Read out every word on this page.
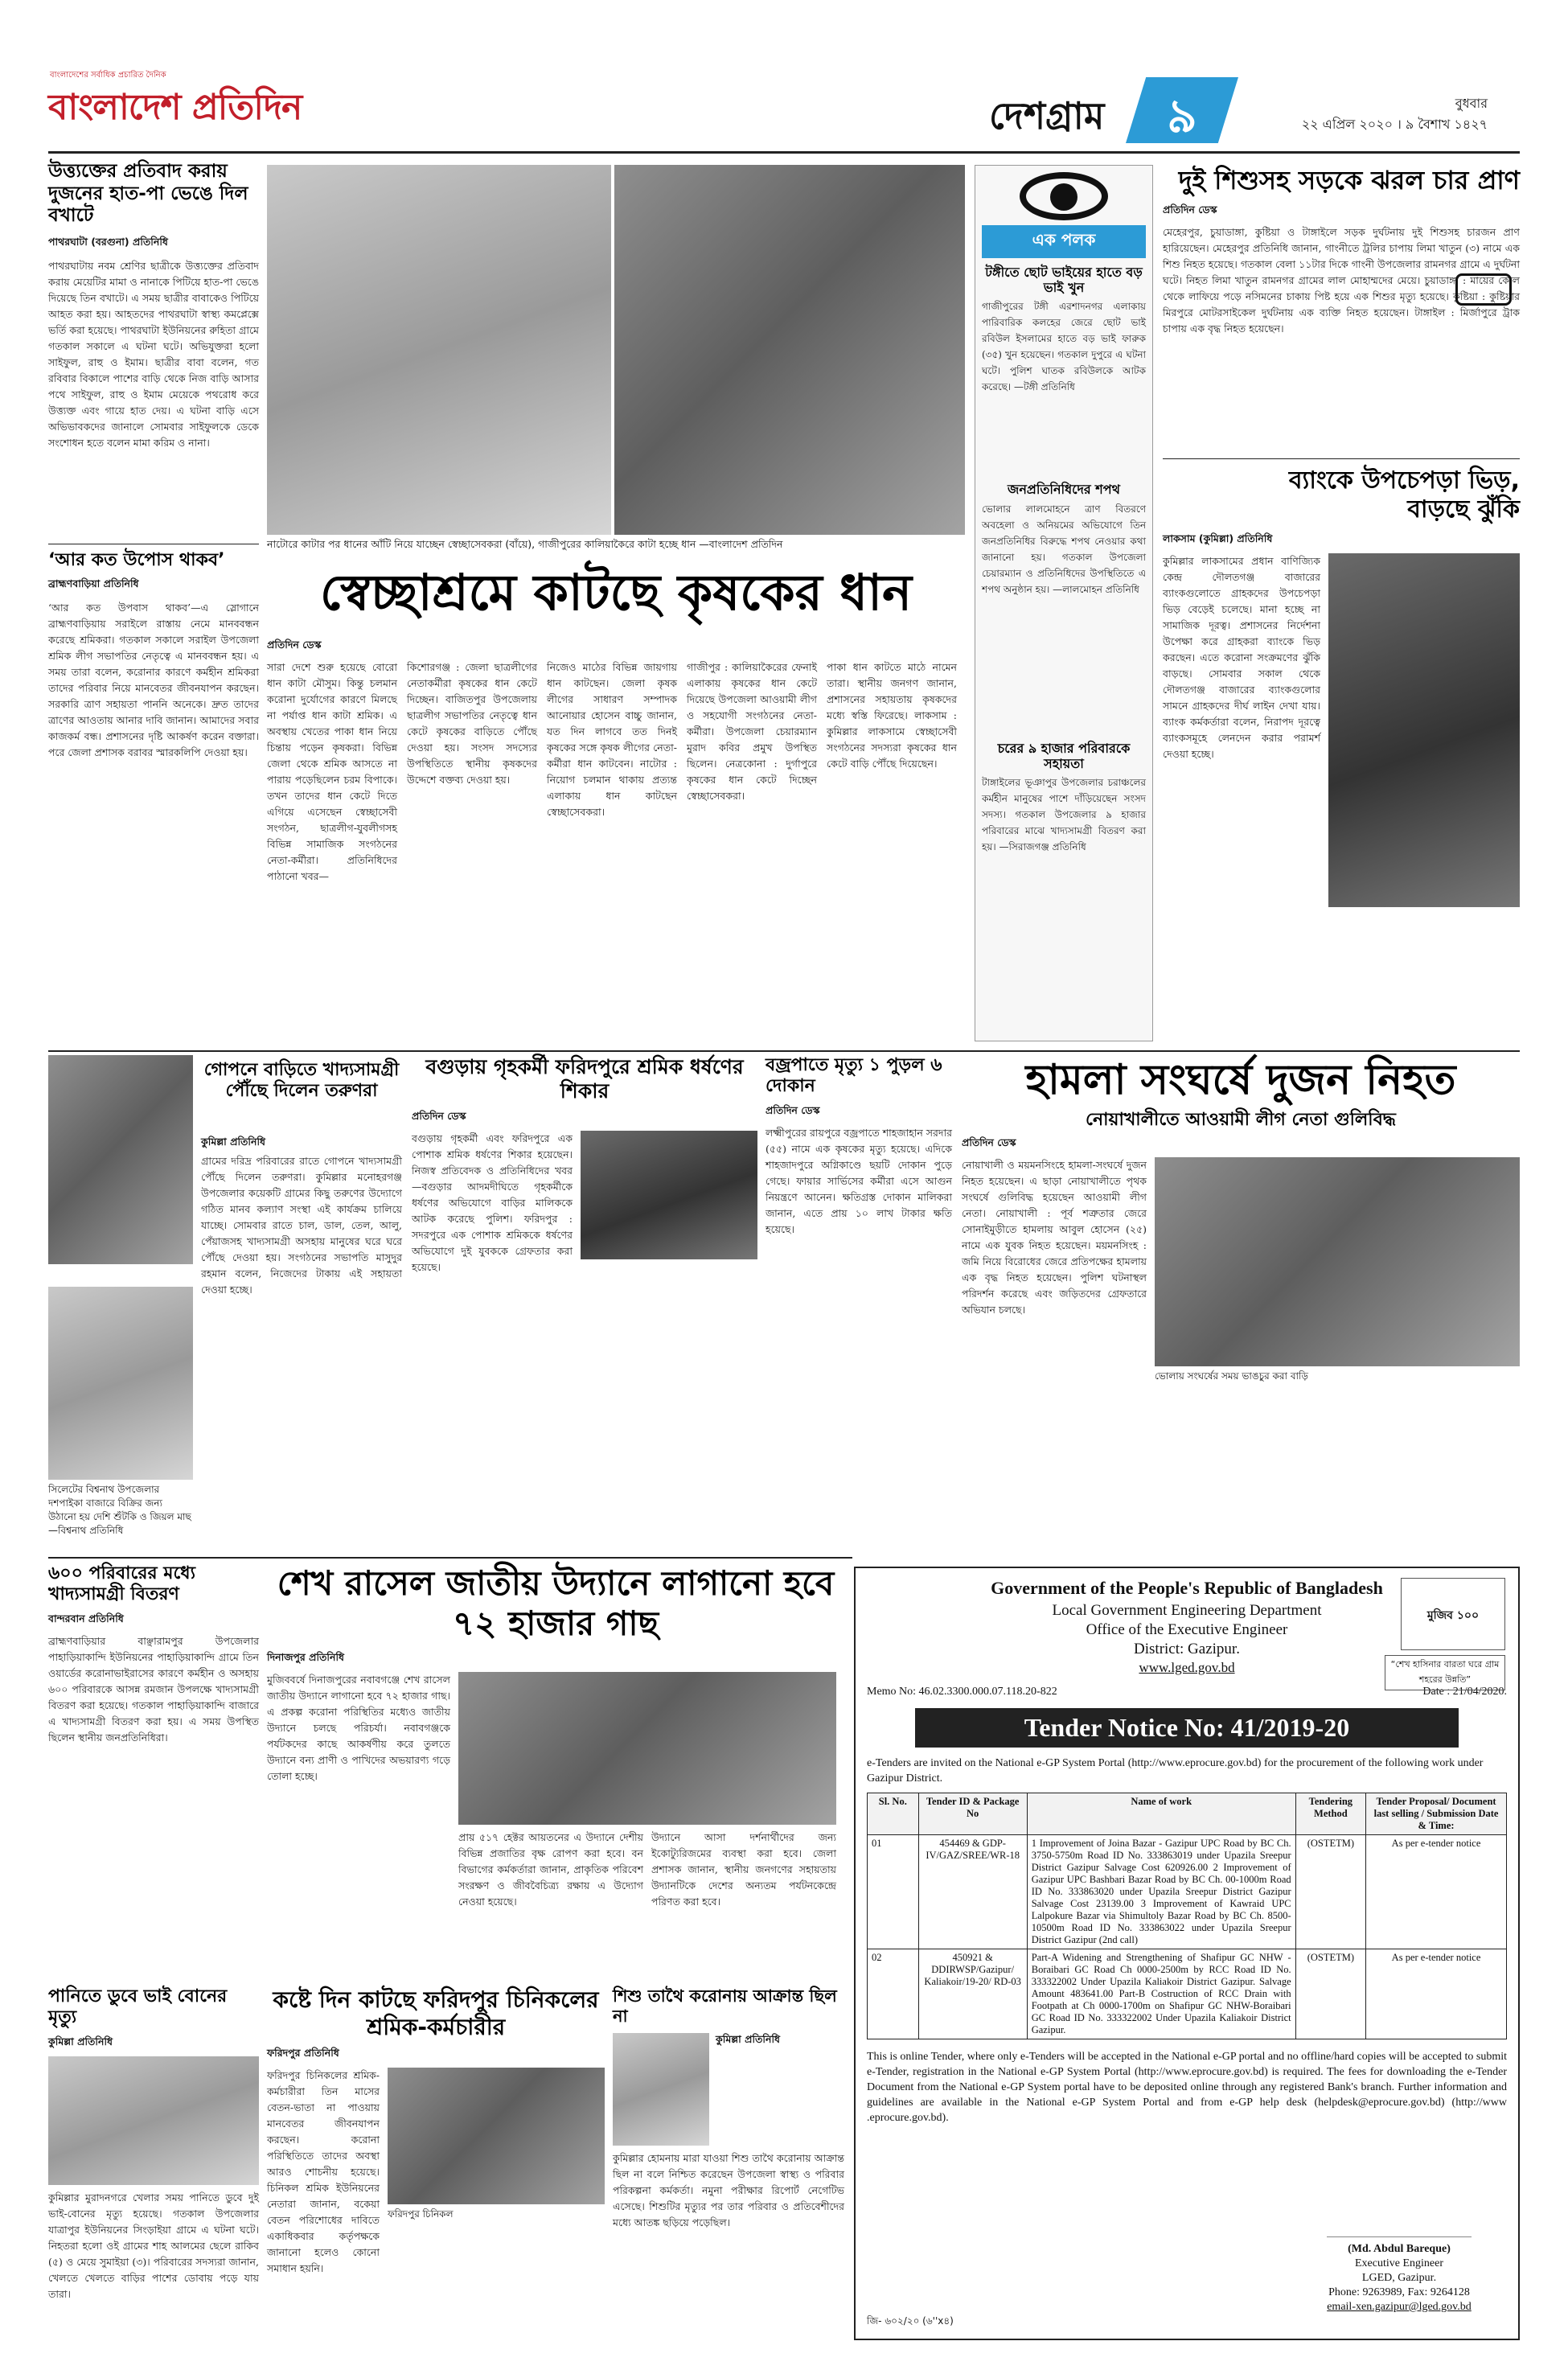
বাংলাদেশের সর্বাধিক প্রচারিত দৈনিক
বাংলাদেশ প্রতিদিন	দেশগ্রাম ৯	বুধবার
২২ এপ্রিল ২০২০ । ৯ বৈশাখ ১৪২৭
উত্ত্যক্তের প্রতিবাদ করায় দুজনের হাত-পা ভেঙে দিল বখাটে
পাথরঘাটা (বরগুনা) প্রতিনিধি
পাথরঘাটায় নবম শ্রেণির ছাত্রীকে উত্ত্যক্তের প্রতিবাদ করায় মেয়েটির মামা ও নানাকে পিটিয়ে হাত-পা ভেঙে দিয়েছে তিন বখাটে। এ সময় ছাত্রীর বাবাকেও পিটিয়ে আহত করা হয়। আহতদের পাথরঘাটা স্বাস্থ্য কমপ্লেক্সে ভর্তি করা হয়েছে। পাথরঘাটা ইউনিয়নের রুহিতা গ্রামে গতকাল সকালে এ ঘটনা ঘটে। অভিযুক্তরা হলো সাইফুল, রাহু ও ইমাম। ছাত্রীর বাবা বলেন, গত রবিবার বিকালে পাশের বাড়ি থেকে নিজ বাড়ি আসার পথে সাইফুল, রাহু ও ইমাম মেয়েকে পথরোধ করে উত্ত্যক্ত এবং গায়ে হাত দেয়। এ ঘটনা বাড়ি এসে অভিভাবকদের জানালে সোমবার সাইফুলকে ডেকে সংশোধন হতে বলেন মামা করিম ও নানা।
নাটোরে কাটার পর ধানের আঁটি নিয়ে যাচ্ছেন স্বেচ্ছাসেবকরা (বাঁয়ে), গাজীপুরের কালিয়াকৈরে কাটা হচ্ছে ধান —বাংলাদেশ প্রতিদিন
‘আর কত উপোস থাকব’
ব্রাহ্মণবাড়িয়া প্রতিনিধি
‘আর কত উপবাস থাকব’—এ স্লোগানে ব্রাহ্মণবাড়িয়ায় সরাইলে রাস্তায় নেমে মানববন্ধন করেছে শ্রমিকরা। গতকাল সকালে সরাইল উপজেলা শ্রমিক লীগ সভাপতির নেতৃত্বে এ মানববন্ধন হয়। এ সময় তারা বলেন, করোনার কারণে কর্মহীন শ্রমিকরা তাদের পরিবার নিয়ে মানবেতর জীবনযাপন করছেন। সরকারি ত্রাণ সহায়তা পাননি অনেকে। দ্রুত তাদের ত্রাণের আওতায় আনার দাবি জানান। আমাদের সবার কাজকর্ম বন্ধ। প্রশাসনের দৃষ্টি আকর্ষণ করেন বক্তারা। পরে জেলা প্রশাসক বরাবর স্মারকলিপি দেওয়া হয়।
স্বেচ্ছাশ্রমে কাটছে কৃষকের ধান
প্রতিদিন ডেস্ক
সারা দেশে শুরু হয়েছে বোরো ধান কাটা মৌসুম। কিন্তু চলমান করোনা দুর্যোগের কারণে মিলছে না পর্যাপ্ত ধান কাটা শ্রমিক। এ অবস্থায় খেতের পাকা ধান নিয়ে চিন্তায় পড়েন কৃষকরা। বিভিন্ন জেলা থেকে শ্রমিক আসতে না পারায় পড়েছিলেন চরম বিপাকে। তখন তাদের ধান কেটে দিতে এগিয়ে এসেছেন স্বেচ্ছাসেবী সংগঠন, ছাত্রলীগ-যুবলীগসহ বিভিন্ন সামাজিক সংগঠনের নেতা-কর্মীরা। প্রতিনিধিদের পাঠানো খবর—
কিশোরগঞ্জ : জেলা ছাত্রলীগের নেতাকর্মীরা কৃষকের ধান কেটে দিচ্ছেন। বাজিতপুর উপজেলায় ছাত্রলীগ সভাপতির নেতৃত্বে ধান কেটে কৃষকের বাড়িতে পৌঁছে দেওয়া হয়। সংসদ সদস্যের উপস্থিতিতে স্থানীয় কৃষকদের উদ্দেশে বক্তব্য দেওয়া হয়।
নিজেও মাঠের বিভিন্ন জায়গায় ধান কাটছেন। জেলা কৃষক লীগের সাধারণ সম্পাদক আনোয়ার হোসেন বাচ্চু জানান, যত দিন লাগবে তত দিনই কৃষকের সঙ্গে কৃষক লীগের নেতা-কর্মীরা ধান কাটবেন। নাটোর : নিয়োগ চলমান থাকায় প্রত্যন্ত এলাকায় ধান কাটছেন স্বেচ্ছাসেবকরা।
গাজীপুর : কালিয়াকৈরের ফেনাই এলাকায় কৃষকের ধান কেটে দিয়েছে উপজেলা আওয়ামী লীগ ও সহযোগী সংগঠনের নেতা-কর্মীরা। উপজেলা চেয়ারম্যান মুরাদ কবির প্রমুখ উপস্থিত ছিলেন। নেত্রকোনা : দুর্গাপুরে কৃষকের ধান কেটে দিচ্ছেন স্বেচ্ছাসেবকরা।
পাকা ধান কাটতে মাঠে নামেন তারা। স্থানীয় জনগণ জানান, প্রশাসনের সহায়তায় কৃষকদের মধ্যে স্বস্তি ফিরেছে। লাকসাম : কুমিল্লার লাকসামে স্বেচ্ছাসেবী সংগঠনের সদস্যরা কৃষকের ধান কেটে বাড়ি পৌঁছে দিয়েছেন।
এক পলক
টঙ্গীতে ছোট ভাইয়ের হাতে বড় ভাই খুন
গাজীপুরের টঙ্গী এরশাদনগর এলাকায় পারিবারিক কলহের জেরে ছোট ভাই রবিউল ইসলামের হাতে বড় ভাই ফারুক (৩৫) খুন হয়েছেন। গতকাল দুপুরে এ ঘটনা ঘটে। পুলিশ ঘাতক রবিউলকে আটক করেছে। —টঙ্গী প্রতিনিধি
জনপ্রতিনিধিদের শপথ
ভোলার লালমোহনে ত্রাণ বিতরণে অবহেলা ও অনিয়মের অভিযোগে তিন জনপ্রতিনিধির বিরুদ্ধে শপথ নেওয়ার কথা জানানো হয়। গতকাল উপজেলা চেয়ারম্যান ও প্রতিনিধিদের উপস্থিতিতে এ শপথ অনুষ্ঠান হয়। —লালমোহন প্রতিনিধি
চরের ৯ হাজার পরিবারকে সহায়তা
টাঙ্গাইলের ভূঞাপুর উপজেলার চরাঞ্চলের কর্মহীন মানুষের পাশে দাঁড়িয়েছেন সংসদ সদস্য। গতকাল উপজেলার ৯ হাজার পরিবারের মাঝে খাদ্যসামগ্রী বিতরণ করা হয়। —সিরাজগঞ্জ প্রতিনিধি
দুই শিশুসহ সড়কে ঝরল চার প্রাণ
প্রতিদিন ডেস্ক
মেহেরপুর, চুয়াডাঙ্গা, কুষ্টিয়া ও টাঙ্গাইলে সড়ক দুর্ঘটনায় দুই শিশুসহ চারজন প্রাণ হারিয়েছেন। মেহেরপুর প্রতিনিধি জানান, গাংনীতে ট্রলির চাপায় লিমা খাতুন (৩) নামে এক শিশু নিহত হয়েছে। গতকাল বেলা ১১টার দিকে গাংনী উপজেলার রামনগর গ্রামে এ দুর্ঘটনা ঘটে। নিহত লিমা খাতুন রামনগর গ্রামের লাল মোহাম্মদের মেয়ে। চুয়াডাঙ্গা : মায়ের কোল থেকে লাফিয়ে পড়ে নসিমনের চাকায় পিষ্ট হয়ে এক শিশুর মৃত্যু হয়েছে। কুষ্টিয়া : কুষ্টিয়ার মিরপুরে মোটরসাইকেল দুর্ঘটনায় এক ব্যক্তি নিহত হয়েছেন। টাঙ্গাইল : মির্জাপুরে ট্রাক চাপায় এক বৃদ্ধ নিহত হয়েছেন।
ব্যাংকে উপচেপড়া ভিড়, বাড়ছে ঝুঁকি
লাকসাম (কুমিল্লা) প্রতিনিধি
কুমিল্লার লাকসামের প্রধান বাণিজ্যিক কেন্দ্র দৌলতগঞ্জ বাজারের ব্যাংকগুলোতে গ্রাহকদের উপচেপড়া ভিড় বেড়েই চলেছে। মানা হচ্ছে না সামাজিক দূরত্ব। প্রশাসনের নির্দেশনা উপেক্ষা করে গ্রাহকরা ব্যাংকে ভিড় করছেন। এতে করোনা সংক্রমণের ঝুঁকি বাড়ছে। সোমবার সকাল থেকে দৌলতগঞ্জ বাজারের ব্যাংকগুলোর সামনে গ্রাহকদের দীর্ঘ লাইন দেখা যায়। ব্যাংক কর্মকর্তারা বলেন, নিরাপদ দূরত্বে ব্যাংকসমূহে লেনদেন করার পরামর্শ দেওয়া হচ্ছে।
গোপনে বাড়িতে খাদ্যসামগ্রী পৌঁছে দিলেন তরুণরা
কুমিল্লা প্রতিনিধি
গ্রামের দরিদ্র পরিবারের রাতে গোপনে খাদ্যসামগ্রী পৌঁছে দিলেন তরুণরা। কুমিল্লার মনোহরগঞ্জ উপজেলার কয়েকটি গ্রামের কিছু তরুণের উদ্যোগে গঠিত মানব কল্যাণ সংস্থা এই কার্যক্রম চালিয়ে যাচ্ছে। সোমবার রাতে চাল, ডাল, তেল, আলু, পেঁয়াজসহ খাদ্যসামগ্রী অসহায় মানুষের ঘরে ঘরে পৌঁছে দেওয়া হয়। সংগঠনের সভাপতি মাসুদুর রহমান বলেন, নিজেদের টাকায় এই সহায়তা দেওয়া হচ্ছে।
সিলেটের বিশ্বনাথ উপজেলার দশপাইকা বাজারে বিক্রির জন্য উঠানো হয় দেশি শুঁটকি ও জিয়ল মাছ —বিশ্বনাথ প্রতিনিধি
বগুড়ায় গৃহকর্মী ফরিদপুরে শ্রমিক ধর্ষণের শিকার
প্রতিদিন ডেস্ক
বগুড়ায় গৃহকর্মী এবং ফরিদপুরে এক পোশাক শ্রমিক ধর্ষণের শিকার হয়েছেন। নিজস্ব প্রতিবেদক ও প্রতিনিধিদের খবর—বগুড়ার আদমদীঘিতে গৃহকর্মীকে ধর্ষণের অভিযোগে বাড়ির মালিককে আটক করেছে পুলিশ। ফরিদপুর : সদরপুরে এক পোশাক শ্রমিককে ধর্ষণের অভিযোগে দুই যুবককে গ্রেফতার করা হয়েছে।
বজ্রপাতে মৃত্যু ১ পুড়ল ৬ দোকান
প্রতিদিন ডেস্ক
লক্ষ্মীপুরের রায়পুরে বজ্রপাতে শাহজাহান সরদার (৫৫) নামে এক কৃষকের মৃত্যু হয়েছে। এদিকে শাহজাদপুরে অগ্নিকাণ্ডে ছয়টি দোকান পুড়ে গেছে। ফায়ার সার্ভিসের কর্মীরা এসে আগুন নিয়ন্ত্রণে আনেন। ক্ষতিগ্রস্ত দোকান মালিকরা জানান, এতে প্রায় ১০ লাখ টাকার ক্ষতি হয়েছে।
হামলা সংঘর্ষে দুজন নিহত
নোয়াখালীতে আওয়ামী লীগ নেতা গুলিবিদ্ধ
প্রতিদিন ডেস্ক
নোয়াখালী ও ময়মনসিংহে হামলা-সংঘর্ষে দুজন নিহত হয়েছেন। এ ছাড়া নোয়াখালীতে পৃথক সংঘর্ষে গুলিবিদ্ধ হয়েছেন আওয়ামী লীগ নেতা। নোয়াখালী : পূর্ব শত্রুতার জেরে সোনাইমুড়ীতে হামলায় আবুল হোসেন (২৫) নামে এক যুবক নিহত হয়েছেন। ময়মনসিংহ : জমি নিয়ে বিরোধের জেরে প্রতিপক্ষের হামলায় এক বৃদ্ধ নিহত হয়েছেন। পুলিশ ঘটনাস্থল পরিদর্শন করেছে এবং জড়িতদের গ্রেফতারে অভিযান চলছে।
ভোলায় সংঘর্ষের সময় ভাঙচুর করা বাড়ি
৬০০ পরিবারের মধ্যে খাদ্যসামগ্রী বিতরণ
বান্দরবান প্রতিনিধি
ব্রাহ্মণবাড়িয়ার বাঞ্ছারামপুর উপজেলার পাহাড়িয়াকান্দি ইউনিয়নের পাহাড়িয়াকান্দি গ্রামে তিন ওয়ার্ডের করোনাভাইরাসের কারণে কর্মহীন ও অসহায় ৬০০ পরিবারকে আসন্ন রমজান উপলক্ষে খাদ্যসামগ্রী বিতরণ করা হয়েছে। গতকাল পাহাড়িয়াকান্দি বাজারে এ খাদ্যসামগ্রী বিতরণ করা হয়। এ সময় উপস্থিত ছিলেন স্থানীয় জনপ্রতিনিধিরা।
শেখ রাসেল জাতীয় উদ্যানে লাগানো হবে ৭২ হাজার গাছ
দিনাজপুর প্রতিনিধি
মুজিববর্ষে দিনাজপুরের নবাবগঞ্জে শেখ রাসেল জাতীয় উদ্যানে লাগানো হবে ৭২ হাজার গাছ। এ প্রকল্প করোনা পরিস্থিতির মধ্যেও জাতীয় উদ্যানে চলছে পরিচর্যা। নবাবগঞ্জকে পর্যটকদের কাছে আকর্ষণীয় করে তুলতে উদ্যানে বন্য প্রাণী ও পাখিদের অভয়ারণ্য গড়ে তোলা হচ্ছে।
প্রায় ৫১৭ হেক্টর আয়তনের এ উদ্যানে দেশীয় বিভিন্ন প্রজাতির বৃক্ষ রোপণ করা হবে। বন বিভাগের কর্মকর্তারা জানান, প্রাকৃতিক পরিবেশ সংরক্ষণ ও জীববৈচিত্র্য রক্ষায় এ উদ্যোগ নেওয়া হয়েছে।
উদ্যানে আসা দর্শনার্থীদের জন্য ইকোট্যুরিজমের ব্যবস্থা করা হবে। জেলা প্রশাসক জানান, স্থানীয় জনগণের সহায়তায় উদ্যানটিকে দেশের অন্যতম পর্যটনকেন্দ্রে পরিণত করা হবে।
পানিতে ডুবে ভাই বোনের মৃত্যু
কুমিল্লা প্রতিনিধি
কুমিল্লার মুরাদনগরে খেলার সময় পানিতে ডুবে দুই ভাই-বোনের মৃত্যু হয়েছে। গতকাল উপজেলার যাত্রাপুর ইউনিয়নের সিংড়াইয়া গ্রামে এ ঘটনা ঘটে। নিহতরা হলো ওই গ্রামের শাহ আলমের ছেলে রাকিব (৫) ও মেয়ে সুমাইয়া (৩)। পরিবারের সদস্যরা জানান, খেলতে খেলতে বাড়ির পাশের ডোবায় পড়ে যায় তারা।
কষ্টে দিন কাটছে ফরিদপুর চিনিকলের শ্রমিক-কর্মচারীর
ফরিদপুর প্রতিনিধি
ফরিদপুর চিনিকলের শ্রমিক-কর্মচারীরা তিন মাসের বেতন-ভাতা না পাওয়ায় মানবেতর জীবনযাপন করছেন। করোনা পরিস্থিতিতে তাদের অবস্থা আরও শোচনীয় হয়েছে। চিনিকল শ্রমিক ইউনিয়নের নেতারা জানান, বকেয়া বেতন পরিশোধের দাবিতে একাধিকবার কর্তৃপক্ষকে জানানো হলেও কোনো সমাধান হয়নি।
ফরিদপুর চিনিকল
শিশু তাথৈ করোনায় আক্রান্ত ছিল না
কুমিল্লা প্রতিনিধি
কুমিল্লার হোমনায় মারা যাওয়া শিশু তাথৈ করোনায় আক্রান্ত ছিল না বলে নিশ্চিত করেছেন উপজেলা স্বাস্থ্য ও পরিবার পরিকল্পনা কর্মকর্তা। নমুনা পরীক্ষার রিপোর্ট নেগেটিভ এসেছে। শিশুটির মৃত্যুর পর তার পরিবার ও প্রতিবেশীদের মধ্যে আতঙ্ক ছড়িয়ে পড়েছিল।
Government of the People's Republic of Bangladesh
Local Government Engineering Department
Office of the Executive Engineer
District: Gazipur.
www.lged.gov.bd
মুজিব ১০০
“শেখ হাসিনার বারতা ঘরে গ্রাম শহরের উন্নতি”
Memo No: 46.02.3300.000.07.118.20-822	Date : 21/04/2020.
Tender Notice No: 41/2019-20
e-Tenders are invited on the National e-GP System Portal (http://www.eprocure.gov.bd) for the procurement of the following work under Gazipur District.
Sl. No.	Tender ID & Package No	Name of work	Tendering Method	Tender Proposal/ Document last selling / Submission Date & Time:
01	454469 & GDP-IV/GAZ/SREE/WR-18	1 Improvement of Joina Bazar - Gazipur UPC Road by BC Ch. 3750-5750m Road ID No. 333863019 under Upazila Sreepur District Gazipur Salvage Cost 620926.00 2 Improvement of Gazipur UPC Bashbari Bazar Road by BC Ch. 00-1000m Road ID No. 333863020 under Upazila Sreepur District Gazipur Salvage Cost 23139.00 3 Improvement of Kawraid UPC Lalpokure Bazar via Shimultoly Bazar Road by BC Ch. 8500-10500m Road ID No. 333863022 under Upazila Sreepur District Gazipur (2nd call)	(OSTETM)	As per e-tender notice
02	450921 & DDIRWSP/Gazipur/ Kaliakoir/19-20/ RD-03	Part-A Widening and Strengthening of Shafipur GC NHW - Boraibari GC Road Ch 0000-2500m by RCC Road ID No. 333322002 Under Upazila Kaliakoir District Gazipur. Salvage Amount 483641.00 Part-B Costruction of RCC Drain with Footpath at Ch 0000-1700m on Shafipur GC NHW-Boraibari GC Road ID No. 333322002 Under Upazila Kaliakoir District Gazipur.	(OSTETM)	As per e-tender notice
This is online Tender, where only e-Tenders will be accepted in the National e-GP portal and no offline/hard copies will be accepted to submit e-Tender, registration in the National e-GP System Portal (http://www.eprocure.gov.bd) is required. The fees for downloading the e-Tender Document from the National e-GP System portal have to be deposited online through any registered Bank's branch. Further information and guidelines are available in the National e-GP System Portal and from e-GP help desk (helpdesk@eprocure.gov.bd) (http://www .eprocure.gov.bd).
(Md. Abdul Bareque)
Executive Engineer
LGED, Gazipur.
Phone: 9263989, Fax: 9264128
email-xen.gazipur@lged.gov.bd
জি- ৬০২/২০ (৬''x৪)
